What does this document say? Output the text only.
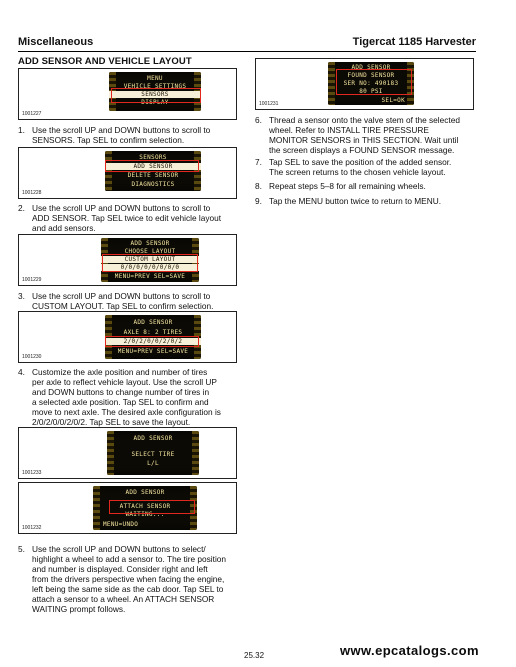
Miscellaneous	Tigercat 1185 Harvester
ADD SENSOR AND VEHICLE LAYOUT
MENU
VEHICLE SETTINGS
SENSORS
DISPLAY
1001227
1. Use the scroll UP and DOWN buttons to scroll to
SENSORS. Tap SEL to confirm selection.
SENSORS
ADD SENSOR
DELETE SENSOR
DIAGNOSTICS
1001228
2. Use the scroll UP and DOWN buttons to scroll to
ADD SENSOR. Tap SEL twice to edit vehicle layout
and add sensors.
ADD SENSOR
CHOOSE LAYOUT
CUSTOM LAYOUT
0/0/0/0/0/0/0/0
MENU=PREV SEL=SAVE
1001229
3. Use the scroll UP and DOWN buttons to scroll to
CUSTOM LAYOUT. Tap SEL to confirm selection.
ADD SENSOR
AXLE 8: 2 TIRES
2/0/2/0/0/2/0/2
MENU=PREV SEL=SAVE
1001230
4. Customize the axle position and number of tires
per axle to reflect vehicle layout. Use the scroll UP
and DOWN buttons to change number of tires in
a selected axle position. Tap SEL to confirm and
move to next axle. The desired axle configuration is
2/0/2/0/0/2/0/2. Tap SEL to save the layout.
ADD SENSOR
SELECT TIRE
L/L
1001233
ADD SENSOR
ATTACH SENSOR
WAITING...
MENU=UNDO
1001232
5. Use the scroll UP and DOWN buttons to select/
highlight a wheel to add a sensor to. The tire position
and number is displayed. Consider right and left
from the drivers perspective when facing the engine,
left being the same side as the cab door. Tap SEL to
attach a sensor to a wheel. An ATTACH SENSOR
WAITING prompt follows.
ADD SENSOR
FOUND SENSOR
SER NO: 490183
80 PSI
SEL=OK
1001231
6. Thread a sensor onto the valve stem of the selected
wheel. Refer to INSTALL TIRE PRESSURE
MONITOR SENSORS in THIS SECTION. Wait until
the screen displays a FOUND SENSOR message.
7. Tap SEL to save the position of the added sensor.
The screen returns to the chosen vehicle layout.
8. Repeat steps 5–8 for all remaining wheels.
9. Tap the MENU button twice to return to MENU.
25.32	www.epcatalogs.com
